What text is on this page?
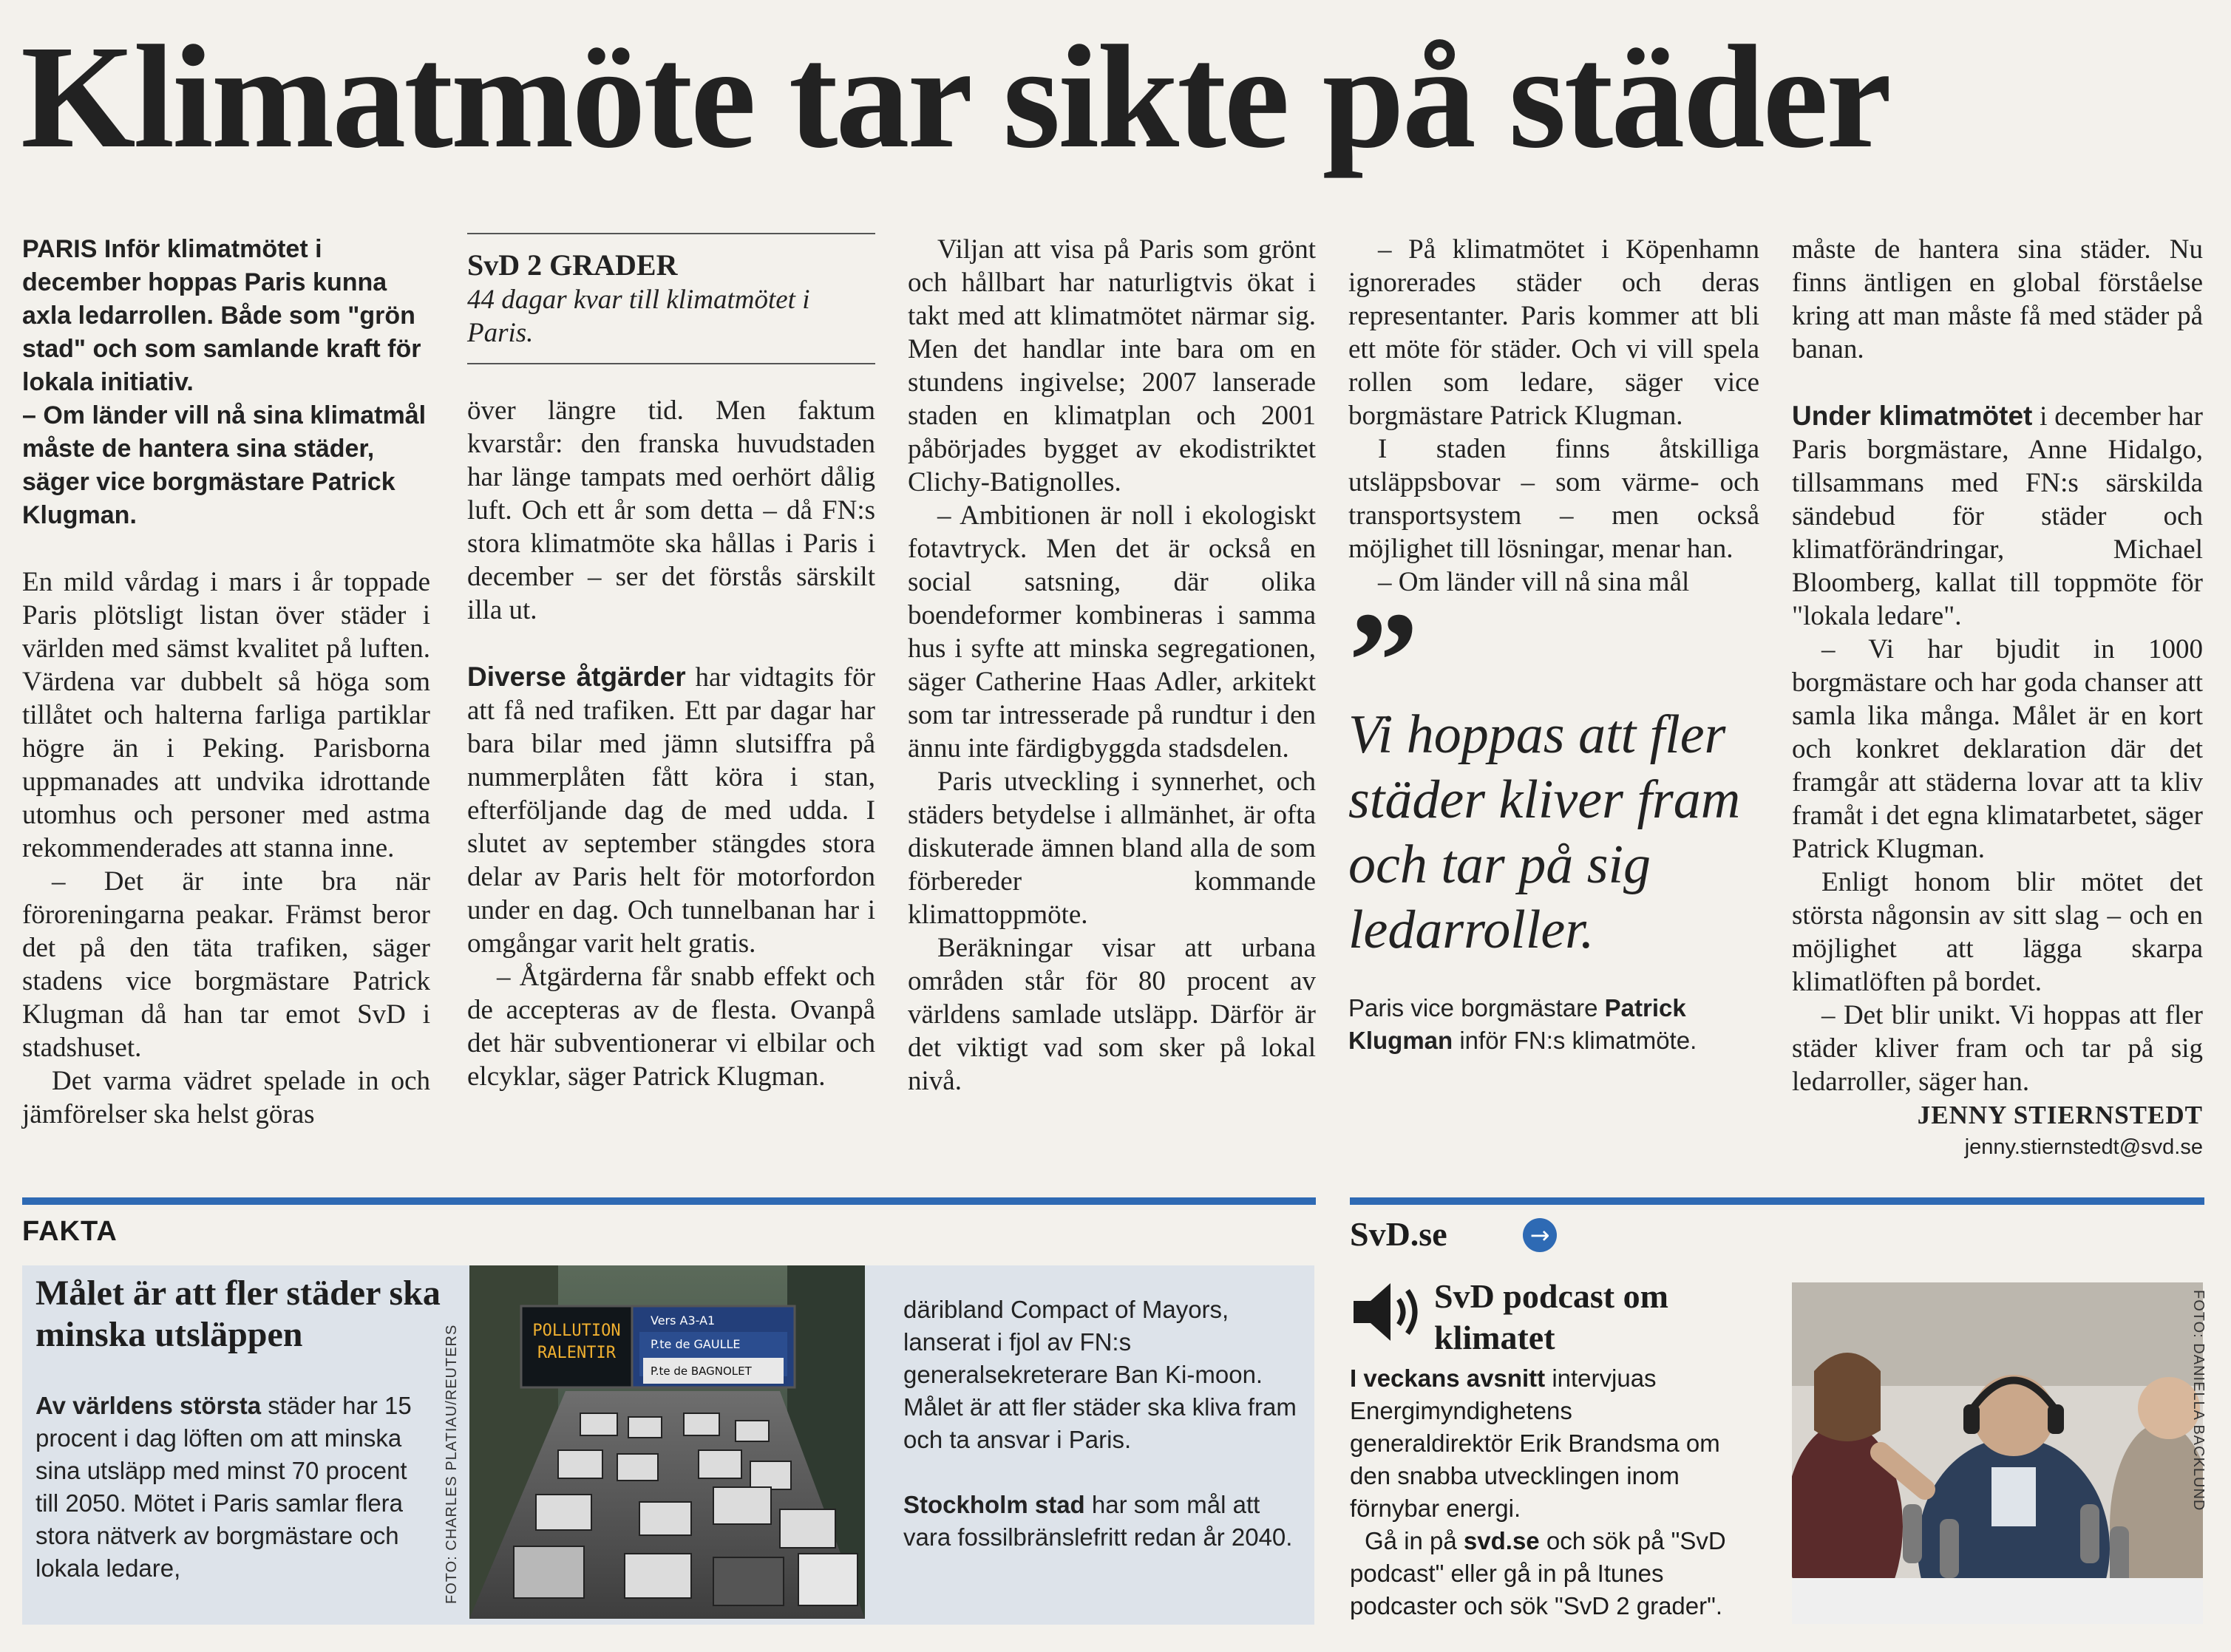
Klimatmöte tar sikte på städer

PARIS Inför klimatmötet i december hoppas Paris kunna axla ledarrollen. Både som "grön stad" och som samlande kraft för lokala initiativ.

– Om länder vill nå sina klimatmål måste de hantera sina städer, säger vice borgmästare Patrick Klugman.

En mild vårdag i mars i år toppade Paris plötsligt listan över städer i världen med sämst kvalitet på luften. Värdena var dubbelt så höga som tillåtet och halterna farliga partiklar högre än i Peking. Parisborna uppmanades att undvika idrottande utomhus och personer med astma rekommenderades att stanna inne.

– Det är inte bra när föroreningarna peakar. Främst beror det på den täta trafiken, säger stadens vice borgmästare Patrick Klugman då han tar emot SvD i stadshuset.

Det varma vädret spelade in och jämförelser ska helst göras

SvD 2 GRADER
44 dagar kvar till klimatmötet i Paris.

över längre tid. Men faktum kvarstår: den franska huvudstaden har länge tampats med oerhört dålig luft. Och ett år som detta – då FN:s stora klimatmöte ska hållas i Paris i december – ser det förstås särskilt illa ut.

Diverse åtgärder har vidtagits för att få ned trafiken. Ett par dagar har bara bilar med jämn slutsiffra på nummerplåten fått köra i stan, efterföljande dag de med udda. I slutet av september stängdes stora delar av Paris helt för motorfordon under en dag. Och tunnelbanan har i omgångar varit helt gratis.

– Åtgärderna får snabb effekt och de accepteras av de flesta. Ovanpå det här subventionerar vi elbilar och elcyklar, säger Patrick Klugman.

Viljan att visa på Paris som grönt och hållbart har naturligtvis ökat i takt med att klimatmötet närmar sig. Men det handlar inte bara om en stundens ingivelse; 2007 lanserade staden en klimatplan och 2001 påbörjades bygget av ekodistriktet Clichy-Batignolles.

– Ambitionen är noll i ekologiskt fotavtryck. Men det är också en social satsning, där olika boendeformer kombineras i samma hus i syfte att minska segregationen, säger Catherine Haas Adler, arkitekt som tar intresserade på rundtur i den ännu inte färdigbyggda stadsdelen.

Paris utveckling i synnerhet, och städers betydelse i allmänhet, är ofta diskuterade ämnen bland alla de som förbereder kommande klimattoppmöte.

Beräkningar visar att urbana områden står för 80 procent av världens samlade utsläpp. Därför är det viktigt vad som sker på lokal nivå.

– På klimatmötet i Köpenhamn ignorerades städer och deras representanter. Paris kommer att bli ett möte för städer. Och vi vill spela rollen som ledare, säger vice borgmästare Patrick Klugman.

I staden finns åtskilliga utsläppsbovar – som värme- och transportsystem – men också möjlighet till lösningar, menar han.

– Om länder vill nå sina mål

”
Vi hoppas att fler städer kliver fram och tar på sig ledarroller.
Paris vice borgmästare Patrick Klugman inför FN:s klimatmöte.

måste de hantera sina städer. Nu finns äntligen en global förståelse kring att man måste få med städer på banan.

Under klimatmötet i december har Paris borgmästare, Anne Hidalgo, tillsammans med FN:s särskilda sändebud för städer och klimatförändringar, Michael Bloomberg, kallat till toppmöte för "lokala ledare".

– Vi har bjudit in 1000 borgmästare och har goda chanser att samla lika många. Målet är en kort och konkret deklaration där det framgår att städerna lovar att ta kliv framåt i det egna klimatarbetet, säger Patrick Klugman.

Enligt honom blir mötet det största någonsin av sitt slag – och en möjlighet att lägga skarpa klimatlöften på bordet.

– Det blir unikt. Vi hoppas att fler städer kliver fram och tar på sig ledarroller, säger han.

JENNY STIERNSTEDT
jenny.stiernstedt@svd.se
FAKTA
Målet är att fler städer ska minska utsläppen

Av världens största städer har 15 procent i dag löften om att minska sina utsläpp med minst 70 procent till 2050. Mötet i Paris samlar flera stora nätverk av borgmästare och lokala ledare,

POLLUTION
RALENTIR
Vers A3-A1
P.te de GAULLE
P.te de BAGNOLET
FOTO: CHARLES PLATIAU/REUTERS

däribland Compact of Mayors, lanserat i fjol av FN:s generalsekreterare Ban Ki-moon. Målet är att fler städer ska kliva fram och ta ansvar i Paris.

Stockholm stad har som mål att vara fossilbränslefritt redan år 2040.

SvD.se	→
SvD podcast om klimatet

I veckans avsnitt intervjuas Energimyndighetens generaldirektör Erik Brandsma om den snabba utvecklingen inom förnybar energi.

Gå in på svd.se och sök på "SvD podcast" eller gå in på Itunes podcaster och sök "SvD 2 grader".

FOTO: DANIELLA BACKLUND
